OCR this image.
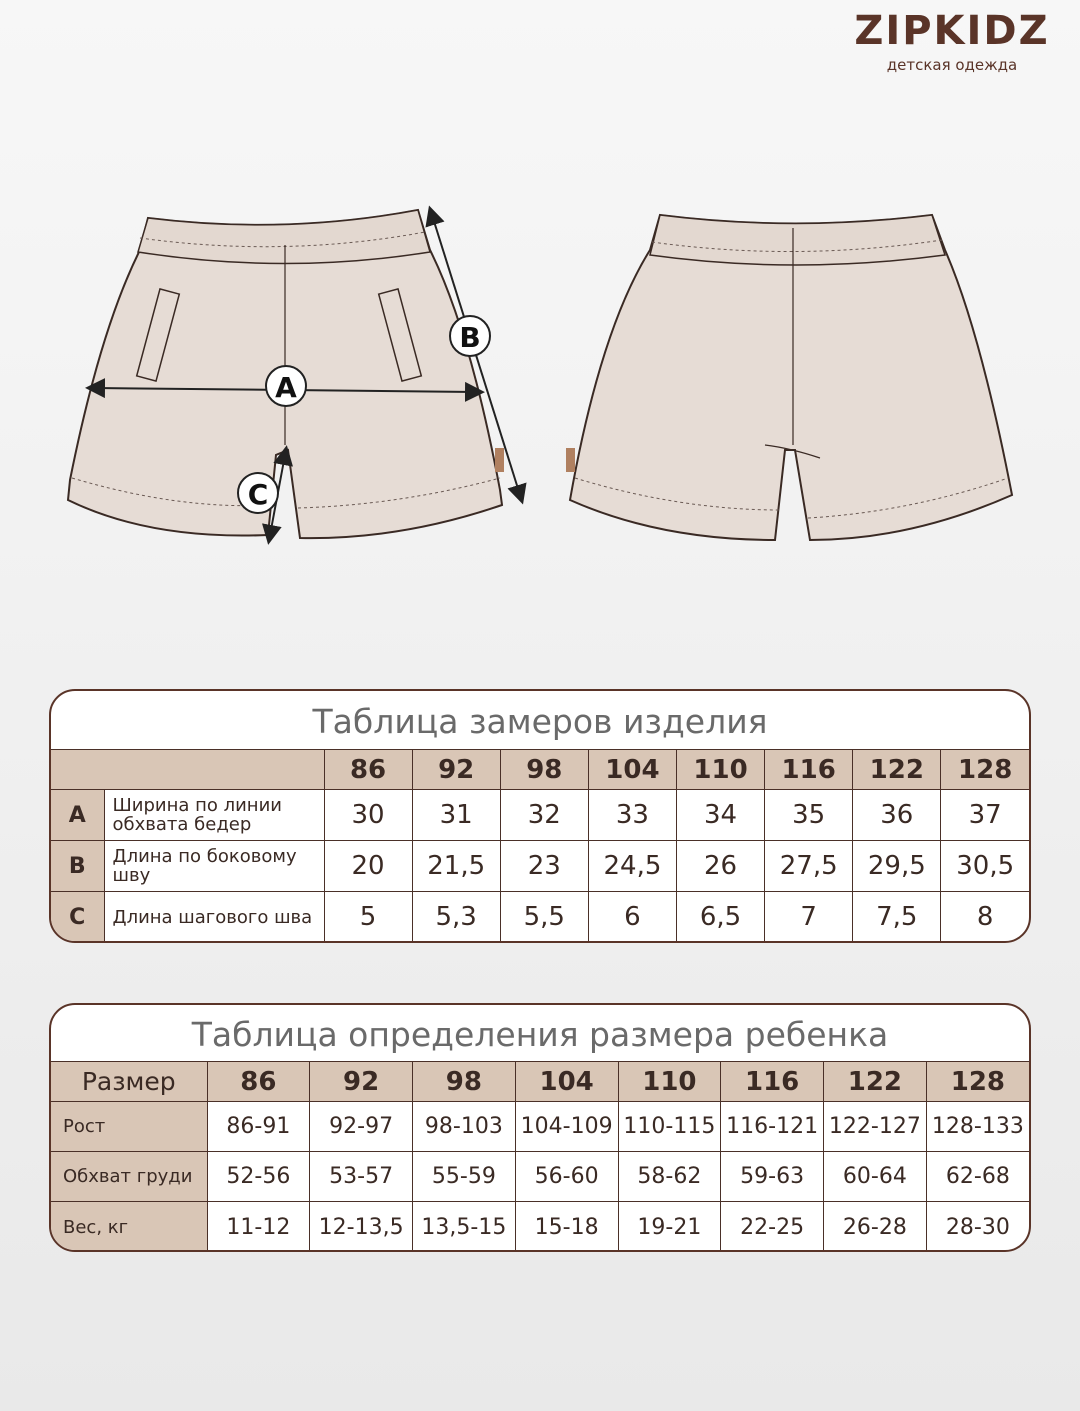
ZIPKIDZ
детская одежда
A
B
C
Таблица замеров изделия
		86	92	98	104	110	116	122	128
A	Ширина по линии обхвата бедер	30	31	32	33	34	35	36	37
B	Длина по боковому шву	20	21,5	23	24,5	26	27,5	29,5	30,5
C	Длина шагового шва	5	5,3	5,5	6	6,5	7	7,5	8
Таблица определения размера ребенка
Размер	86	92	98	104	110	116	122	128
Рост	86-91	92-97	98-103	104-109	110-115	116-121	122-127	128-133
Обхват груди	52-56	53-57	55-59	56-60	58-62	59-63	60-64	62-68
Вес, кг	11-12	12-13,5	13,5-15	15-18	19-21	22-25	26-28	28-30
